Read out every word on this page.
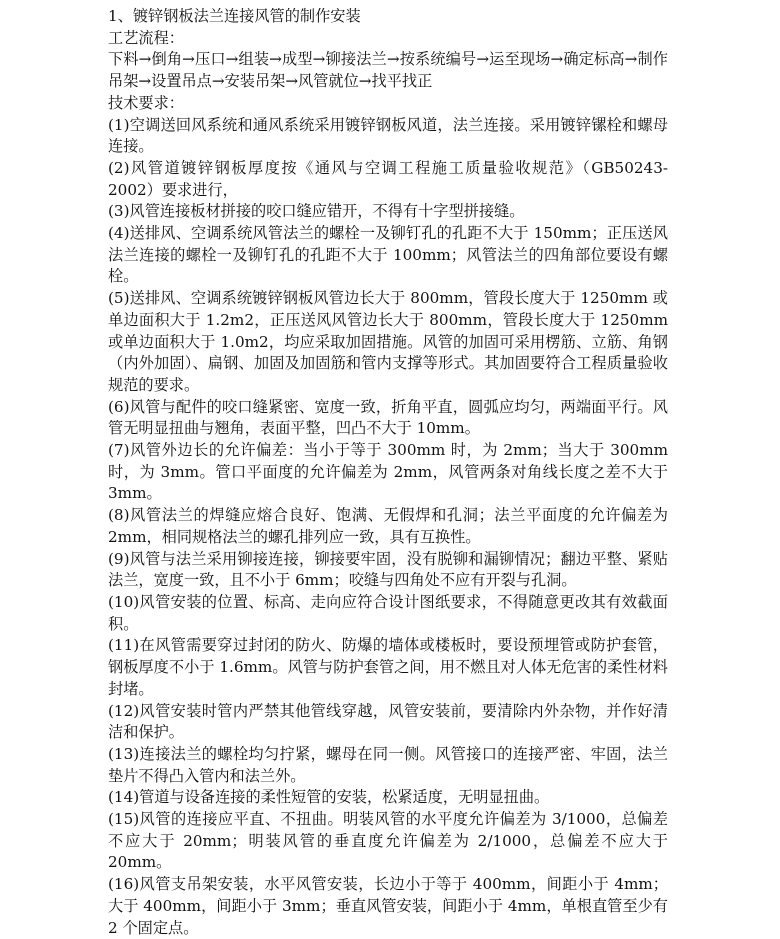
1、镀锌钢板法兰连接风管的制作安装

工艺流程：

下料→倒角→压口→组装→成型→铆接法兰→按系统编号→运至现场→确定标高→制作吊架→设置吊点→安装吊架→风管就位→找平找正

技术要求：

(1)空调送回风系统和通风系统采用镀锌钢板风道，法兰连接。采用镀锌镙栓和螺母连接。

(2)风管道镀锌钢板厚度按《通风与空调工程施工质量验收规范》（GB50243-2002）要求进行，

(3)风管连接板材拼接的咬口缝应错开，不得有十字型拼接缝。

(4)送排风、空调系统风管法兰的螺栓一及铆钉孔的孔距不大于 150mm；正压送风法兰连接的螺栓一及铆钉孔的孔距不大于 100mm；风管法兰的四角部位要设有螺栓。

(5)送排风、空调系统镀锌钢板风管边长大于 800mm，管段长度大于 1250mm 或单边面积大于 1.2m2，正压送风风管边长大于 800mm，管段长度大于 1250mm 或单边面积大于 1.0m2，均应采取加固措施。风管的加固可采用楞筋、立筋、角钢（内外加固）、扁钢、加固及加固筋和管内支撑等形式。其加固要符合工程质量验收规范的要求。

(6)风管与配件的咬口缝紧密、宽度一致，折角平直，圆弧应均匀，两端面平行。风管无明显扭曲与翘角，表面平整，凹凸不大于 10mm。

(7)风管外边长的允许偏差：当小于等于 300mm 时，为 2mm；当大于 300mm 时，为 3mm。管口平面度的允许偏差为 2mm，风管两条对角线长度之差不大于 3mm。

(8)风管法兰的焊缝应熔合良好、饱满、无假焊和孔洞；法兰平面度的允许偏差为 2mm，相同规格法兰的螺孔排列应一致，具有互换性。

(9)风管与法兰采用铆接连接，铆接要牢固，没有脱铆和漏铆情况；翻边平整、紧贴法兰，宽度一致，且不小于 6mm；咬缝与四角处不应有开裂与孔洞。

(10)风管安装的位置、标高、走向应符合设计图纸要求，不得随意更改其有效截面积。

(11)在风管需要穿过封闭的防火、防爆的墙体或楼板时，要设预埋管或防护套管，钢板厚度不小于 1.6mm。风管与防护套管之间，用不燃且对人体无危害的柔性材料封堵。

(12)风管安装时管内严禁其他管线穿越，风管安装前，要清除内外杂物，并作好清洁和保护。

(13)连接法兰的螺栓均匀拧紧，螺母在同一侧。风管接口的连接严密、牢固，法兰垫片不得凸入管内和法兰外。

(14)管道与设备连接的柔性短管的安装，松紧适度，无明显扭曲。

(15)风管的连接应平直、不扭曲。明装风管的水平度允许偏差为 3/1000，总偏差不应大于 20mm；明装风管的垂直度允许偏差为 2/1000，总偏差不应大于 20mm。

(16)风管支吊架安装，水平风管安装，长边小于等于 400mm，间距小于 4mm；大于 400mm，间距小于 3mm；垂直风管安装，间距小于 4mm，单根直管至少有 2 个固定点。
